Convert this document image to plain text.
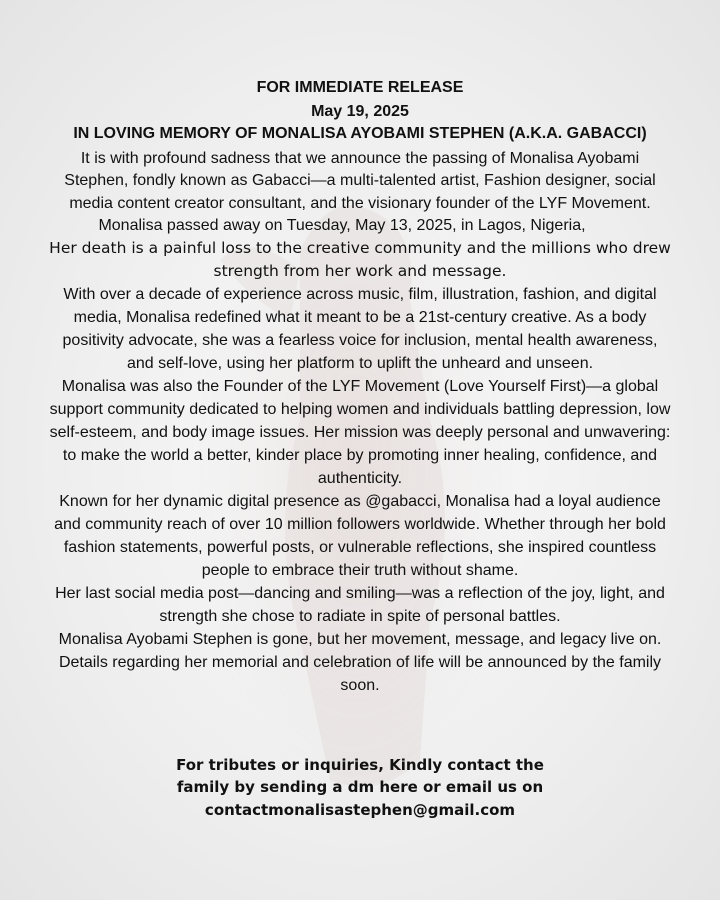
FOR IMMEDIATE RELEASE
May 19, 2025
IN LOVING MEMORY OF MONALISA AYOBAMI STEPHEN (A.K.A. GABACCI)
It is with profound sadness that we announce the passing of Monalisa Ayobami
Stephen, fondly known as Gabacci—a multi-talented artist, Fashion designer, social
media content creator consultant, and the visionary founder of the LYF Movement.
Monalisa passed away on Tuesday, May 13, 2025, in Lagos, Nigeria,
Her death is a painful loss to the creative community and the millions who drew
strength from her work and message.
With over a decade of experience across music, film, illustration, fashion, and digital
media, Monalisa redefined what it meant to be a 21st-century creative. As a body
positivity advocate, she was a fearless voice for inclusion, mental health awareness,
and self-love, using her platform to uplift the unheard and unseen.
Monalisa was also the Founder of the LYF Movement (Love Yourself First)—a global
support community dedicated to helping women and individuals battling depression, low
self-esteem, and body image issues. Her mission was deeply personal and unwavering:
to make the world a better, kinder place by promoting inner healing, confidence, and
authenticity.
Known for her dynamic digital presence as @gabacci, Monalisa had a loyal audience
and community reach of over 10 million followers worldwide. Whether through her bold
fashion statements, powerful posts, or vulnerable reflections, she inspired countless
people to embrace their truth without shame.
Her last social media post—dancing and smiling—was a reflection of the joy, light, and
strength she chose to radiate in spite of personal battles.
Monalisa Ayobami Stephen is gone, but her movement, message, and legacy live on.
Details regarding her memorial and celebration of life will be announced by the family
soon.
For tributes or inquiries, Kindly contact the
family by sending a dm here or email us on
contactmonalisastephen@gmail.com
